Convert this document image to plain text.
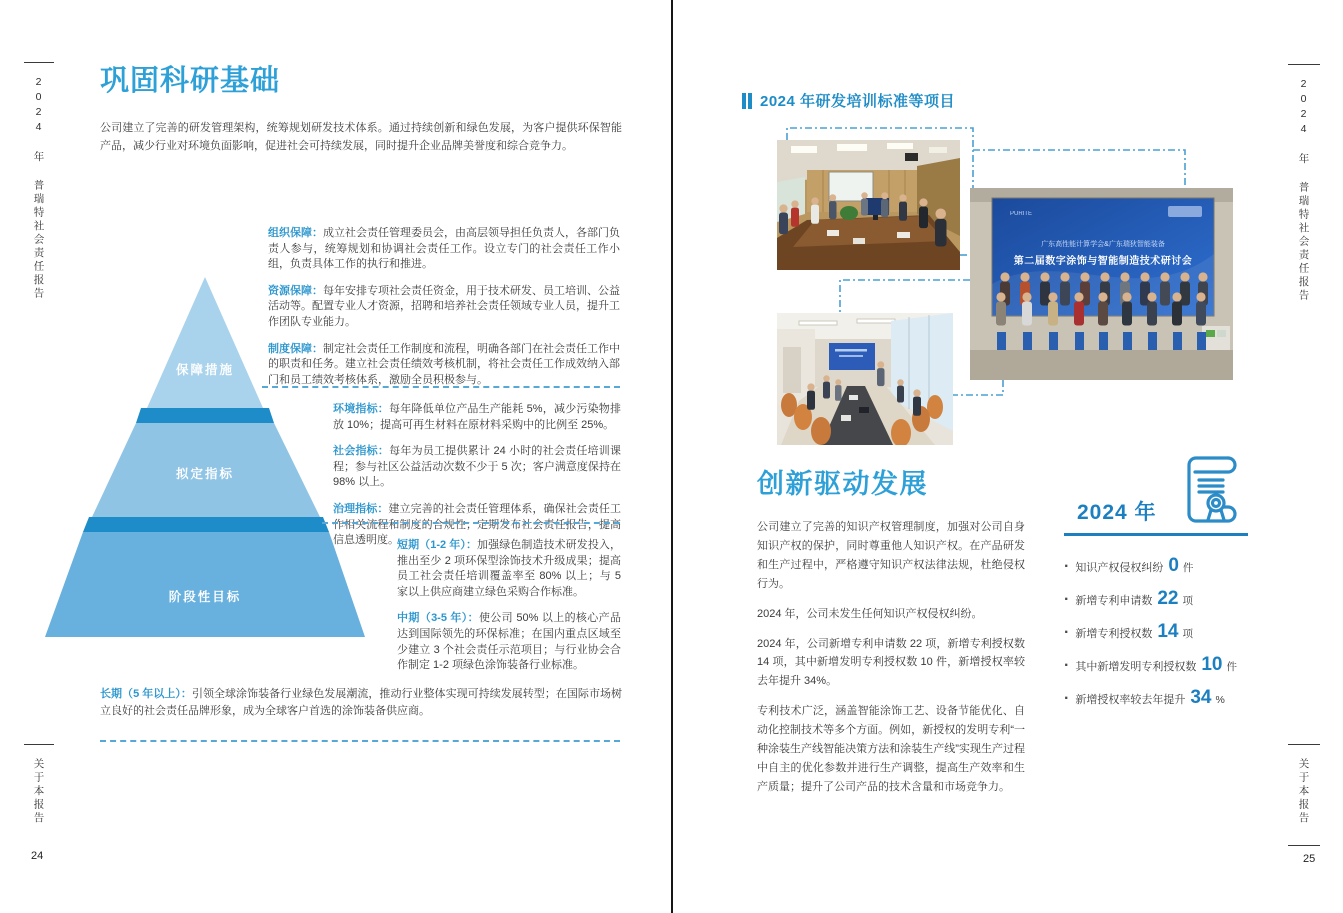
2024 年 普瑞特社会责任报告
关于本报告
24
巩固科研基础

公司建立了完善的研发管理架构，统筹规划研发技术体系。通过持续创新和绿色发展，为客户提供环保智能产品，减少行业对环境负面影响，促进社会可持续发展，同时提升企业品牌美誉度和综合竞争力。

保障措施
拟定指标
阶段性目标

组织保障：成立社会责任管理委员会，由高层领导担任负责人，各部门负责人参与，统筹规划和协调社会责任工作。设立专门的社会责任工作小组，负责具体工作的执行和推进。

资源保障：每年安排专项社会责任资金，用于技术研发、员工培训、公益活动等。配置专业人才资源，招聘和培养社会责任领域专业人员，提升工作团队专业能力。

制度保障：制定社会责任工作制度和流程，明确各部门在社会责任工作中的职责和任务。建立社会责任绩效考核机制，将社会责任工作成效纳入部门和员工绩效考核体系，激励全员积极参与。

环境指标：每年降低单位产品生产能耗 5%，减少污染物排放 10%；提高可再生材料在原材料采购中的比例至 25%。

社会指标：每年为员工提供累计 24 小时的社会责任培训课程；参与社区公益活动次数不少于 5 次；客户满意度保持在 98% 以上。

治理指标：建立完善的社会责任管理体系，确保社会责任工作相关流程和制度的合规性；定期发布社会责任报告，提高信息透明度。

短期（1-2 年）：加强绿色制造技术研发投入，推出至少 2 项环保型涂饰技术升级成果；提高员工社会责任培训覆盖率至 80% 以上；与 5 家以上供应商建立绿色采购合作标准。

中期（3-5 年）：使公司 50% 以上的核心产品达到国际领先的环保标准；在国内重点区域至少建立 3 个社会责任示范项目；与行业协会合作制定 1-2 项绿色涂饰装备行业标准。

长期（5 年以上）：引领全球涂饰装备行业绿色发展潮流，推动行业整体实现可持续发展转型；在国际市场树立良好的社会责任品牌形象，成为全球客户首选的涂饰装备供应商。

2024 年 普瑞特社会责任报告
关于本报告
25
2024 年研发培训标准等项目
PURITE
广东高性能计算学会&广东瑞狄智能装备
第二届数字涂饰与智能制造技术研讨会
创新驱动发展

公司建立了完善的知识产权管理制度，加强对公司自身知识产权的保护，同时尊重他人知识产权。在产品研发和生产过程中，严格遵守知识产权法律法规，杜绝侵权行为。

2024 年，公司未发生任何知识产权侵权纠纷。

2024 年，公司新增专利申请数 22 项，新增专利授权数 14 项，其中新增发明专利授权数 10 件，新增授权率较去年提升 34%。

专利技术广泛，涵盖智能涂饰工艺、设备节能优化、自动化控制技术等多个方面。例如，新授权的发明专利“一种涂装生产线智能决策方法和涂装生产线”实现生产过程中自主的优化参数并进行生产调整，提高生产效率和生产质量；提升了公司产品的技术含量和市场竞争力。

2024 年
· 知识产权侵权纠纷 0 件
· 新增专利申请数 22 项
· 新增专利授权数 14 项
· 其中新增发明专利授权数 10 件
· 新增授权率较去年提升 34 %
